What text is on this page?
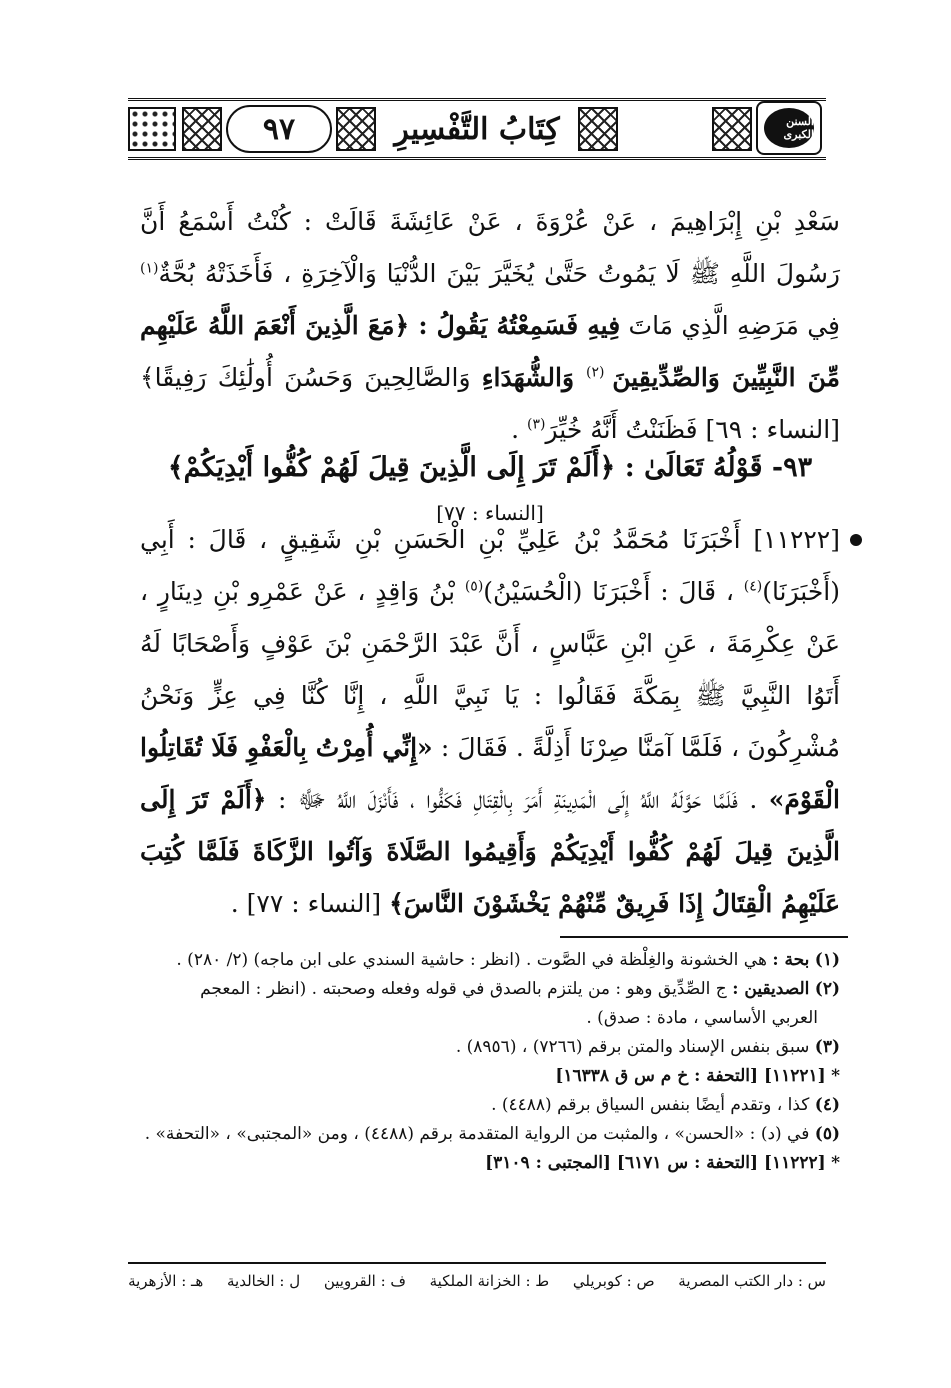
٩٧	كِتَابُ التَّفْسِيرِ	السنن الكبرى
سَعْدِ بْنِ إِبْرَاهِيمَ ، عَنْ عُرْوَةَ ، عَنْ عَائِشَةَ قَالَتْ : كُنْتُ أَسْمَعُ أَنَّ رَسُولَ اللَّهِ ﷺ لَا يَمُوتُ حَتَّىٰ يُخَيَّرَ بَيْنَ الدُّنْيَا وَالْآخِرَةِ ، فَأَخَذَتْهُ بُحَّةٌ$^{(١)}$ فِي مَرَضِهِ الَّذِي مَاتَ فِيهِ فَسَمِعْتُهُ يَقُولُ : ﴿مَعَ الَّذِينَ أَنْعَمَ اللَّهُ عَلَيْهِم مِّنَ النَّبِيِّينَ وَالصِّدِّيقِينَ $^{(٢)}$ وَالشُّهَدَاءِ وَالصَّالِحِينَ وَحَسُنَ أُولَٰئِكَ رَفِيقًا﴾ [النساء : ٦٩] فَظَنَنْتُ أَنَّهُ خُيِّرَ$^{(٣)}$ .
٩٣- قَوْلُهُ تَعَالَىٰ : ﴿أَلَمْ تَرَ إِلَى الَّذِينَ قِيلَ لَهُمْ كُفُّوا أَيْدِيَكُمْ﴾ [النساء : ٧٧]
[١١٢٢٢] أَخْبَرَنَا مُحَمَّدُ بْنُ عَلِيِّ بْنِ الْحَسَنِ بْنِ شَقِيقٍ ، قَالَ : أَبِي (أَخْبَرَنَا)$^{(٤)}$ ، قَالَ : أَخْبَرَنَا (الْحُسَيْنُ)$^{(٥)}$ بْنُ وَاقِدٍ ، عَنْ عَمْرِو بْنِ دِينَارٍ ، عَنْ عِكْرِمَةَ ، عَنِ ابْنِ عَبَّاسٍ ، أَنَّ عَبْدَ الرَّحْمَنِ بْنَ عَوْفٍ وَأَصْحَابًا لَهُ أَتَوُا النَّبِيَّ ﷺ بِمَكَّةَ فَقَالُوا : يَا نَبِيَّ اللَّهِ ، إِنَّا كُنَّا فِي عِزٍّ وَنَحْنُ مُشْرِكُونَ ، فَلَمَّا آمَنَّا صِرْنَا أَذِلَّةً . فَقَالَ : «إِنِّي أُمِرْتُ بِالْعَفْوِ فَلَا تُقَاتِلُوا الْقَوْمَ» . فَلَمَّا حَوَّلَهُ اللَّهُ إِلَى الْمَدِينَةِ أَمَرَ بِالْقِتَالِ فَكَفُّوا ، فَأَنْزَلَ اللَّهُ ﷻ : ﴿أَلَمْ تَرَ إِلَى الَّذِينَ قِيلَ لَهُمْ كُفُّوا أَيْدِيَكُمْ وَأَقِيمُوا الصَّلَاةَ وَآتُوا الزَّكَاةَ فَلَمَّا كُتِبَ عَلَيْهِمُ الْقِتَالُ إِذَا فَرِيقٌ مِّنْهُمْ يَخْشَوْنَ النَّاسَ﴾ [النساء : ٧٧] .

(١) بحة : هي الخشونة والغِلْظة في الصَّوت . (انظر : حاشية السندي على ابن ماجه) (٢/ ٢٨٠) .

(٢) الصديقين : ج الصِّدِّيق وهو : من يلتزم بالصدق في قوله وفعله وصحبته . (انظر : المعجم

العربي الأساسي ، مادة : صدق) .

(٣) سبق بنفس الإسناد والمتن برقم (٧٢٦٦) ، (٨٩٥٦) .

* [١١٢٢١] [التحفة : خ م س ق ١٦٣٣٨]

(٤) كذا ، وتقدم أيضًا بنفس السياق برقم (٤٤٨٨) .

(٥) في (د) : «الحسن» ، والمثبت من الرواية المتقدمة برقم (٤٤٨٨) ، ومن «المجتبى» ، «التحفة» .

* [١١٢٢٢] [التحفة : س ٦١٧١] [المجتبى : ٣١٠٩]

س : دار الكتب المصرية
ص : كوبريلي
ط : الخزانة الملكية
ف : القرويين
ل : الخالدية
هـ : الأزهرية
